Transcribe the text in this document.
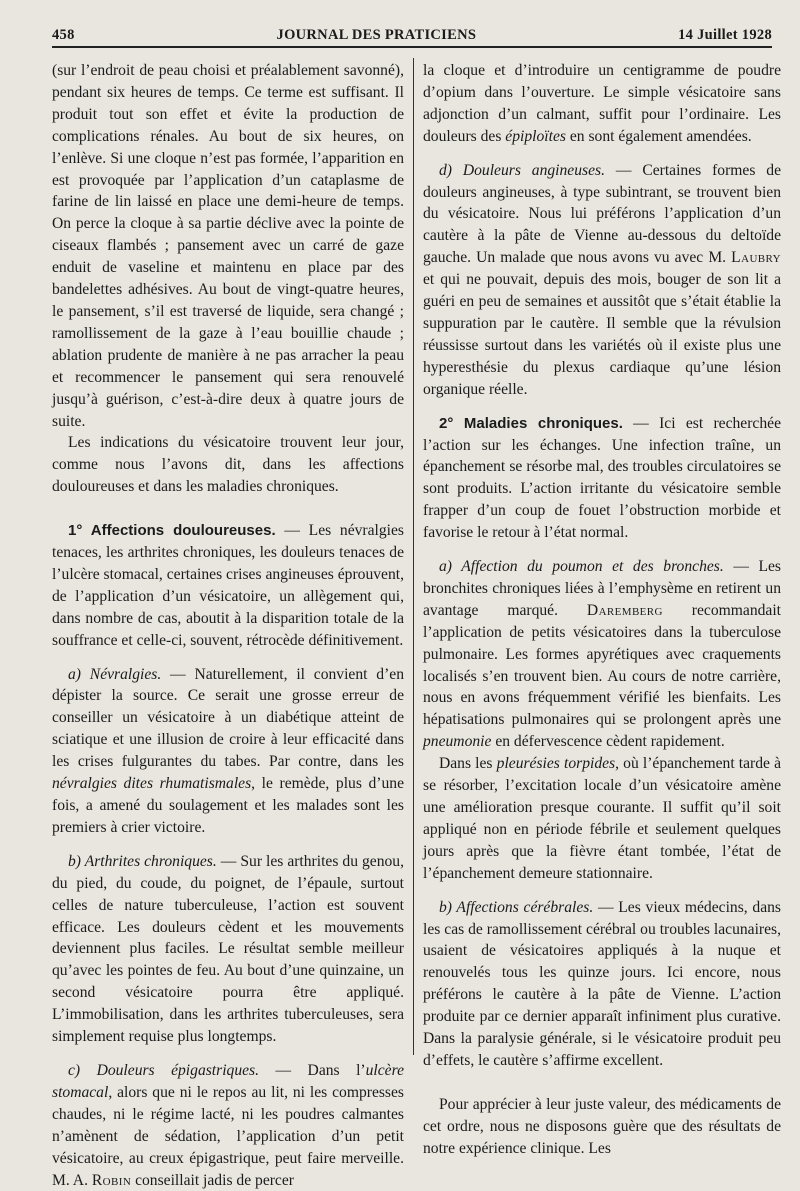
458	JOURNAL DES PRATICIENS	14 Juillet 1928

(sur l’endroit de peau choisi et préalablement savonné), pendant six heures de temps. Ce terme est suffisant. Il produit tout son effet et évite la production de complications rénales. Au bout de six heures, on l’enlève. Si une cloque n’est pas formée, l’apparition en est provoquée par l’application d’un cataplasme de farine de lin laissé en place une demi-heure de temps. On perce la cloque à sa partie déclive avec la pointe de ciseaux flambés ; pansement avec un carré de gaze enduit de vaseline et maintenu en place par des bandelettes adhésives. Au bout de vingt-quatre heures, le pansement, s’il est traversé de liquide, sera changé ; ramollissement de la gaze à l’eau bouillie chaude ; ablation prudente de manière à ne pas arracher la peau et recommencer le pansement qui sera renouvelé jusqu’à guérison, c’est-à-dire deux à quatre jours de suite.

Les indications du vésicatoire trouvent leur jour, comme nous l’avons dit, dans les affections douloureuses et dans les maladies chroniques.

1° Affections douloureuses. — Les névralgies tenaces, les arthrites chroniques, les douleurs tenaces de l’ulcère stomacal, certaines crises angineuses éprouvent, de l’application d’un vésicatoire, un allègement qui, dans nombre de cas, aboutit à la disparition totale de la souffrance et celle-ci, souvent, rétrocède définitivement.

a) Névralgies. — Naturellement, il convient d’en dépister la source. Ce serait une grosse erreur de conseiller un vésicatoire à un diabétique atteint de sciatique et une illusion de croire à leur efficacité dans les crises fulgurantes du tabes. Par contre, dans les névralgies dites rhumatismales, le remède, plus d’une fois, a amené du soulagement et les malades sont les premiers à crier victoire.

b) Arthrites chroniques. — Sur les arthrites du genou, du pied, du coude, du poignet, de l’épaule, surtout celles de nature tuberculeuse, l’action est souvent efficace. Les douleurs cèdent et les mouvements deviennent plus faciles. Le résultat semble meilleur qu’avec les pointes de feu. Au bout d’une quinzaine, un second vésicatoire pourra être appliqué. L’immobilisation, dans les arthrites tuberculeuses, sera simplement requise plus longtemps.

c) Douleurs épigastriques. — Dans l’ulcère stomacal, alors que ni le repos au lit, ni les compresses chaudes, ni le régime lacté, ni les poudres calmantes n’amènent de sédation, l’application d’un petit vésicatoire, au creux épigastrique, peut faire merveille. M. A. Robin conseillait jadis de percer

la cloque et d’introduire un centigramme de poudre d’opium dans l’ouverture. Le simple vésicatoire sans adjonction d’un calmant, suffit pour l’ordinaire. Les douleurs des épiploïtes en sont également amendées.

d) Douleurs angineuses. — Certaines formes de douleurs angineuses, à type subintrant, se trouvent bien du vésicatoire. Nous lui préférons l’application d’un cautère à la pâte de Vienne au-dessous du deltoïde gauche. Un malade que nous avons vu avec M. Laubry et qui ne pouvait, depuis des mois, bouger de son lit a guéri en peu de semaines et aussitôt que s’était établie la suppuration par le cautère. Il semble que la révulsion réussisse surtout dans les variétés où il existe plus une hyperesthésie du plexus cardiaque qu’une lésion organique réelle.

2° Maladies chroniques. — Ici est recherchée l’action sur les échanges. Une infection traîne, un épanchement se résorbe mal, des troubles circulatoires se sont produits. L’action irritante du vésicatoire semble frapper d’un coup de fouet l’obstruction morbide et favorise le retour à l’état normal.

a) Affection du poumon et des bronches. — Les bronchites chroniques liées à l’emphysème en retirent un avantage marqué. Daremberg recommandait l’application de petits vésicatoires dans la tuberculose pulmonaire. Les formes apyrétiques avec craquements localisés s’en trouvent bien. Au cours de notre carrière, nous en avons fréquemment vérifié les bienfaits. Les hépatisations pulmonaires qui se prolongent après une pneumonie en défervescence cèdent rapidement.

Dans les pleurésies torpides, où l’épanchement tarde à se résorber, l’excitation locale d’un vésicatoire amène une amélioration presque courante. Il suffit qu’il soit appliqué non en période fébrile et seulement quelques jours après que la fièvre étant tombée, l’état de l’épanchement demeure stationnaire.

b) Affections cérébrales. — Les vieux médecins, dans les cas de ramollissement cérébral ou troubles lacunaires, usaient de vésicatoires appliqués à la nuque et renouvelés tous les quinze jours. Ici encore, nous préférons le cautère à la pâte de Vienne. L’action produite par ce dernier apparaît infiniment plus curative. Dans la paralysie générale, si le vésicatoire produit peu d’effets, le cautère s’affirme excellent.

Pour apprécier à leur juste valeur, des médicaments de cet ordre, nous ne disposons guère que des résultats de notre expérience clinique. Les
